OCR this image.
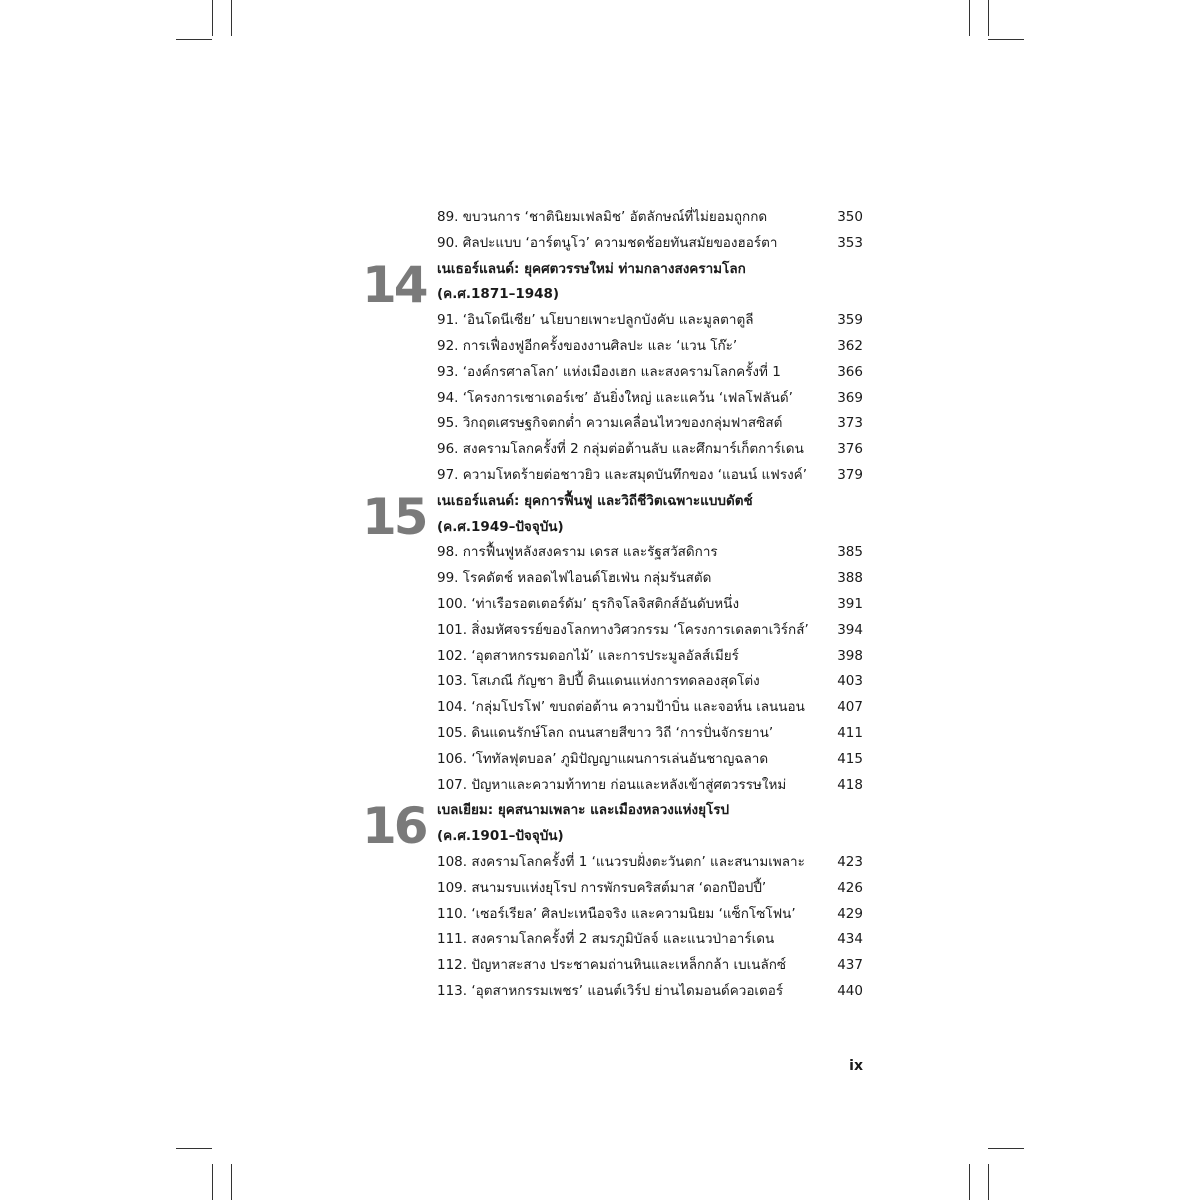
89. ขบวนการ ‘ชาตินิยมเฟลมิช’ อัตลักษณ์ที่ไม่ยอมถูกกด	350
90. ศิลปะแบบ ‘อาร์ตนูโว’ ความชดช้อยทันสมัยของฮอร์ตา	353
14 เนเธอร์แลนด์: ยุคศตวรรษใหม่ ท่ามกลางสงครามโลก
(ค.ศ.1871–1948)
91. ‘อินโดนีเซีย’ นโยบายเพาะปลูกบังคับ และมูลตาตูลี	359
92. การเฟื่องฟูอีกครั้งของงานศิลปะ และ ‘แวน โก๊ะ’	362
93. ‘องค์กรศาลโลก’ แห่งเมืองเฮก และสงครามโลกครั้งที่ 1	366
94. ‘โครงการเซาเดอร์เซ’ อันยิ่งใหญ่ และแคว้น ‘เฟลโฟลันด์’	369
95. วิกฤตเศรษฐกิจตกต่ำ ความเคลื่อนไหวของกลุ่มฟาสซิสต์	373
96. สงครามโลกครั้งที่ 2 กลุ่มต่อต้านลับ และศึกมาร์เก็ตการ์เดน	376
97. ความโหดร้ายต่อชาวยิว และสมุดบันทึกของ ‘แอนน์ แฟรงค์’	379
15 เนเธอร์แลนด์: ยุคการฟื้นฟู และวิถีชีวิตเฉพาะแบบดัตช์
(ค.ศ.1949–ปัจจุบัน)
98. การฟื้นฟูหลังสงคราม เดรส และรัฐสวัสดิการ	385
99. โรคดัตช์ หลอดไฟไอนด์โฮเฟ่น กลุ่มรันสตัด	388
100. ‘ท่าเรือรอตเตอร์ดัม’ ธุรกิจโลจิสติกส์อันดับหนึ่ง	391
101. สิ่งมหัศจรรย์ของโลกทางวิศวกรรม ‘โครงการเดลตาเวิร์กส์’	394
102. ‘อุตสาหกรรมดอกไม้’ และการประมูลอัลส์เมียร์	398
103. โสเภณี กัญชา ฮิปปี้ ดินแดนแห่งการทดลองสุดโต่ง	403
104. ‘กลุ่มโปรโฟ’ ขบถต่อต้าน ความป้าบิ่น และจอห์น เลนนอน	407
105. ดินแดนรักษ์โลก ถนนสายสีขาว วิถี ‘การปั่นจักรยาน’	411
106. ‘โททัลฟุตบอล’ ภูมิปัญญาแผนการเล่นอันชาญฉลาด	415
107. ปัญหาและความท้าทาย ก่อนและหลังเข้าสู่ศตวรรษใหม่	418
16 เบลเยียม: ยุคสนามเพลาะ และเมืองหลวงแห่งยุโรป
(ค.ศ.1901–ปัจจุบัน)
108. สงครามโลกครั้งที่ 1 ‘แนวรบฝั่งตะวันตก’ และสนามเพลาะ	423
109. สนามรบแห่งยุโรป การพักรบคริสต์มาส ‘ดอกป๊อปปี้’	426
110. ‘เซอร์เรียล’ ศิลปะเหนือจริง และความนิยม ‘แซ็กโซโฟน’	429
111. สงครามโลกครั้งที่ 2 สมรภูมิบัลจ์ และแนวป่าอาร์เดน	434
112. ปัญหาสะสาง ประชาคมถ่านหินและเหล็กกล้า เบเนลักซ์	437
113. ‘อุตสาหกรรมเพชร’ แอนต์เวิร์ป ย่านไดมอนด์ควอเตอร์	440
ix
